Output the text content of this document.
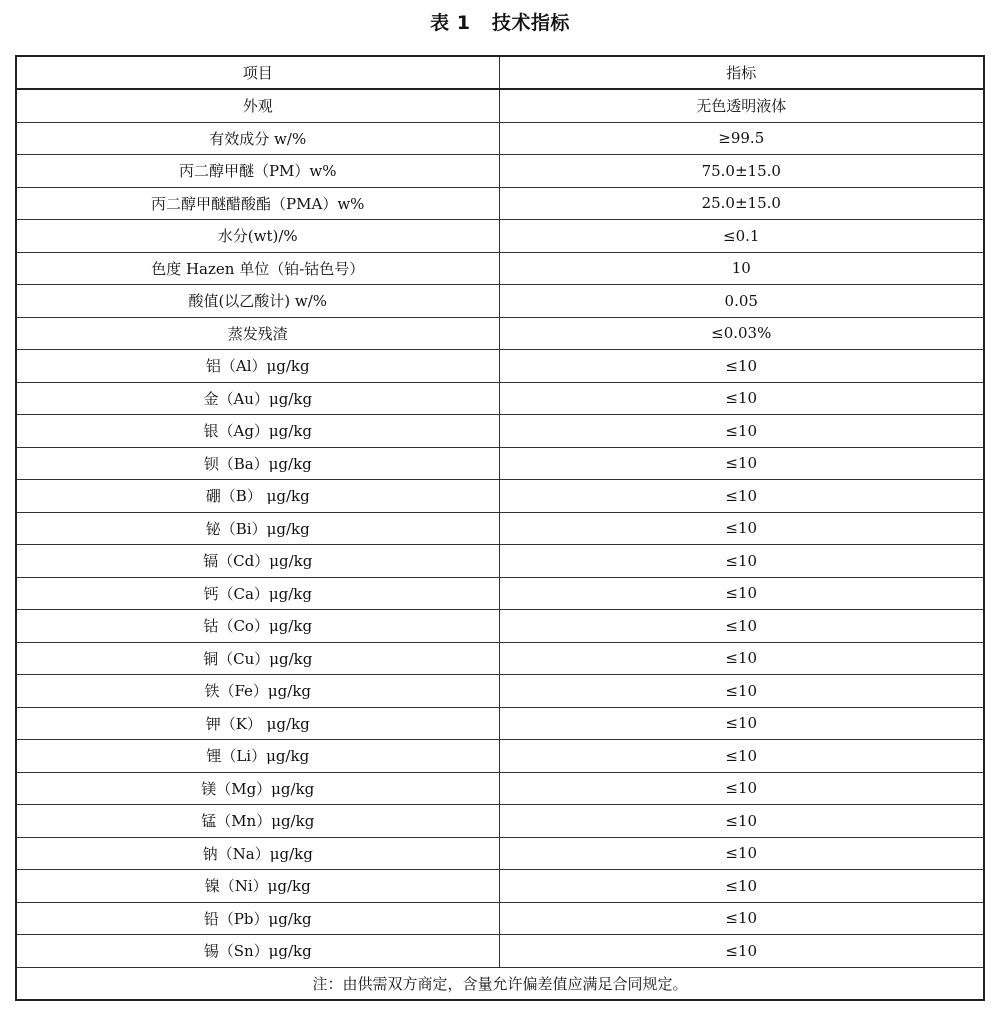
表 1   技术指标
项目	指标
外观	无色透明液体
有效成分 w/%	≥99.5
丙二醇甲醚（PM）w%	75.0±15.0
丙二醇甲醚醋酸酯（PMA）w%	25.0±15.0
水分(wt)/%	≤0.1
色度 Hazen 单位（铂-钴色号）	10
酸值(以乙酸计) w/%	0.05
蒸发残渣	≤0.03%
铝（Al）μg/kg	≤10
金（Au）μg/kg	≤10
银（Ag）μg/kg	≤10
钡（Ba）μg/kg	≤10
硼（B） μg/kg	≤10
铋（Bi）μg/kg	≤10
镉（Cd）μg/kg	≤10
钙（Ca）μg/kg	≤10
钴（Co）μg/kg	≤10
铜（Cu）μg/kg	≤10
铁（Fe）μg/kg	≤10
钾（K） μg/kg	≤10
锂（Li）μg/kg	≤10
镁（Mg）μg/kg	≤10
锰（Mn）μg/kg	≤10
钠（Na）μg/kg	≤10
镍（Ni）μg/kg	≤10
铅（Pb）μg/kg	≤10
锡（Sn）μg/kg	≤10
注：由供需双方商定，含量允许偏差值应满足合同规定。	
